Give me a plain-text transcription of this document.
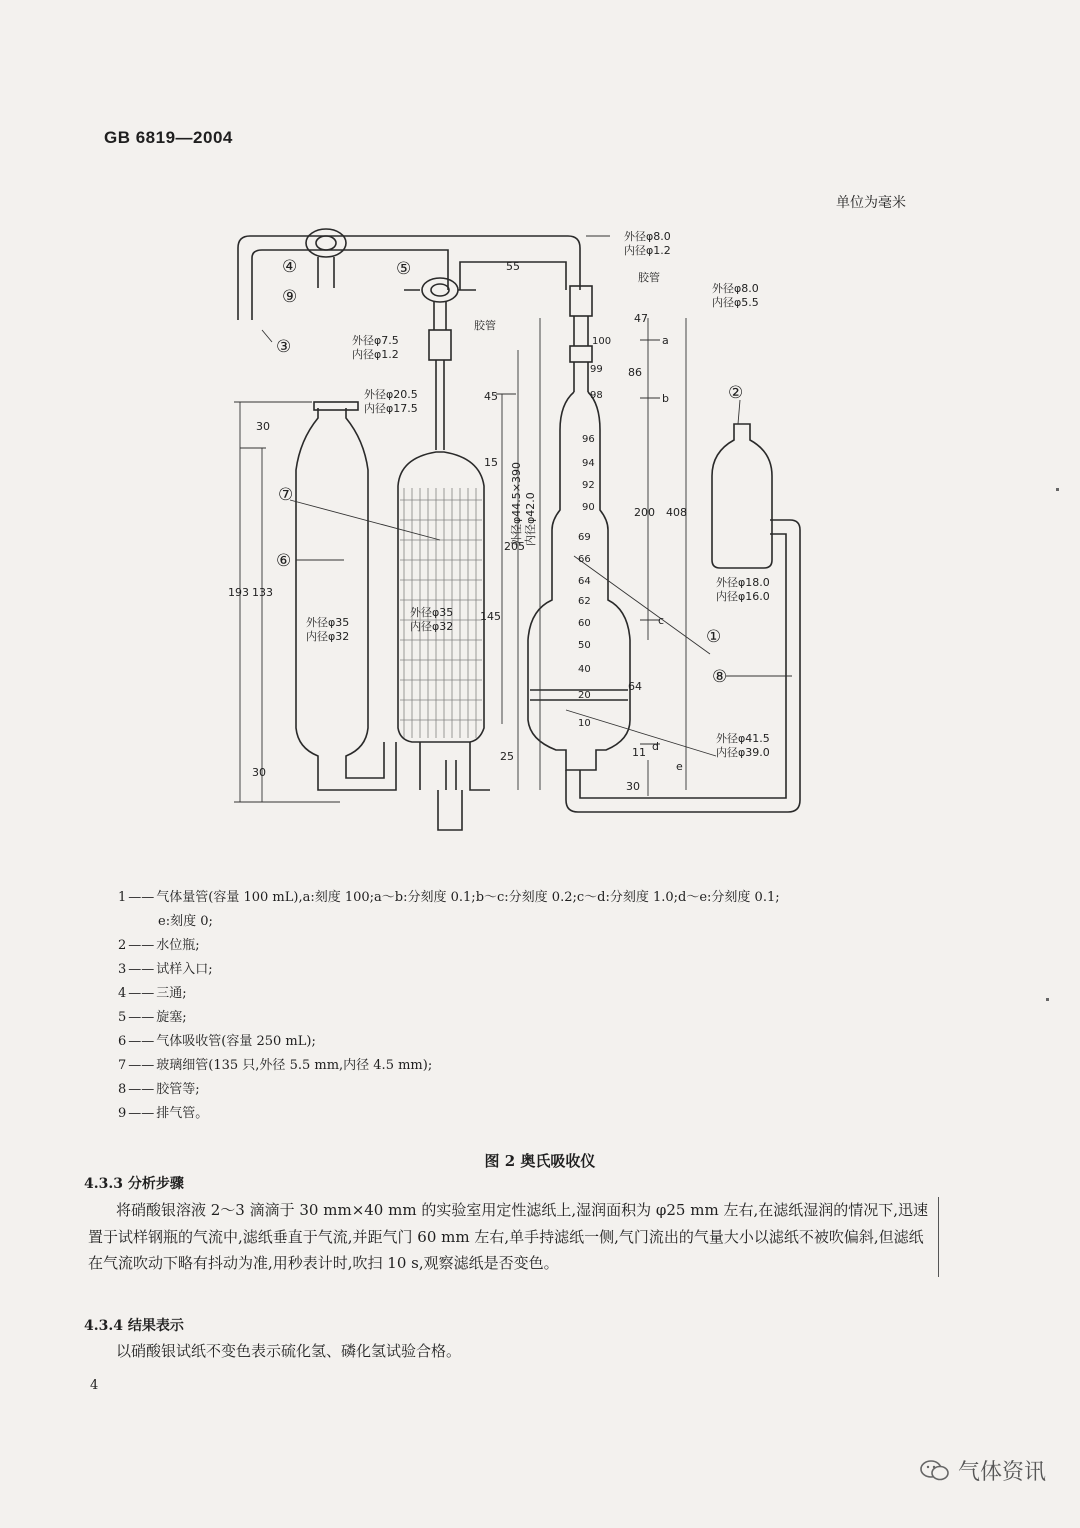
GB 6819—2004
单位为毫米
外径φ8.0
内径φ1.2
胶管
外径φ8.0
内径φ5.5
55
47
86
200 408
64
11
30
胶管
外径φ7.5
内径φ1.2
外径φ20.5
内径φ17.5
45
15
145
205
25
外径φ44.5×390 内径φ42.0
193 133
30
30
外径φ35
内径φ32
外径φ35
内径φ32
外径φ18.0
内径φ16.0
外径φ41.5
内径φ39.0
100
99
98
96
94
92
90
69
66
64
62
60
50
40
20
10
a
b
c
d
e
①
②
③
④	⑤
⑥
⑦
⑧
⑨
1 —— 气体量管(容量 100 mL),a:刻度 100;a～b:分刻度 0.1;b～c:分刻度 0.2;c～d:分刻度 1.0;d～e:分刻度 0.1;
e:刻度 0;
2 —— 水位瓶;
3 —— 试样入口;
4 —— 三通;
5 —— 旋塞;
6 —— 气体吸收管(容量 250 mL);
7 —— 玻璃细管(135 只,外径 5.5 mm,内径 4.5 mm);
8 —— 胶管等;
9 —— 排气管。
图 2 奥氏吸收仪
4.3.3 分析步骤
将硝酸银溶液 2～3 滴滴于 30 mm×40 mm 的实验室用定性滤纸上,湿润面积为 φ25 mm 左右,在滤纸湿润的情况下,迅速置于试样钢瓶的气流中,滤纸垂直于气流,并距气门 60 mm 左右,单手持滤纸一侧,气门流出的气量大小以滤纸不被吹偏斜,但滤纸在气流吹动下略有抖动为准,用秒表计时,吹扫 10 s,观察滤纸是否变色。
4.3.4 结果表示
以硝酸银试纸不变色表示硫化氢、磷化氢试验合格。
4
气体资讯
